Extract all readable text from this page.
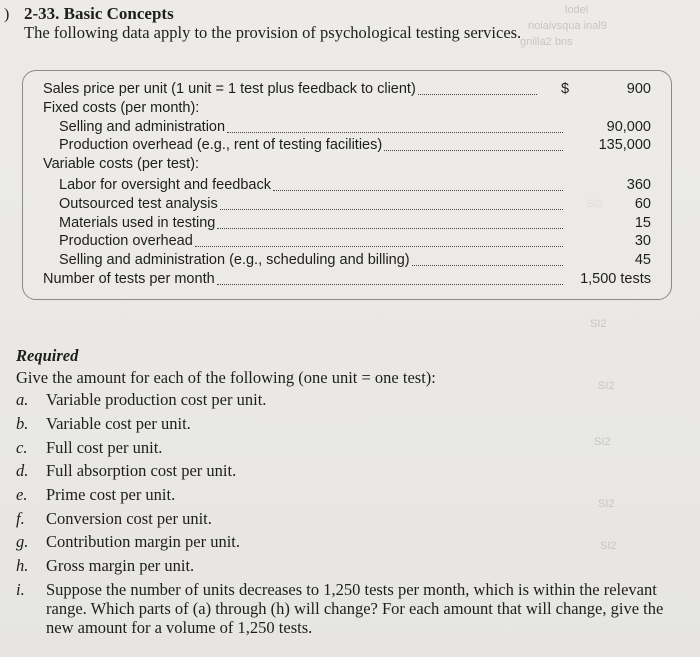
)	lodel
noiaivsqua inal9
gnilla2 bns
SI2
SI2
SI2
SI2
SI2
2-33. Basic Concepts
The following data apply to the provision of psychological testing services.
Sales price per unit (1 unit = 1 test plus feedback to client)	900
$
Fixed costs (per month):
Selling and administration	90,000
Production overhead (e.g., rent of testing facilities)	135,000
Variable costs (per test):
Labor for oversight and feedback	360
Outsourced test analysis	60
Materials used in testing	15
Production overhead	30
Selling and administration (e.g., scheduling and billing)	45
Number of tests per month	1,500 tests
Required
Give the amount for each of the following (one unit = one test):
a.	Variable production cost per unit.
b.	Variable cost per unit.
c.	Full cost per unit.
d.	Full absorption cost per unit.
e.	Prime cost per unit.
f.	Conversion cost per unit.
g.	Contribution margin per unit.
h.	Gross margin per unit.
i.	Suppose the number of units decreases to 1,250 tests per month, which is within the relevant range. Which parts of (a) through (h) will change? For each amount that will change, give the new amount for a volume of 1,250 tests.
